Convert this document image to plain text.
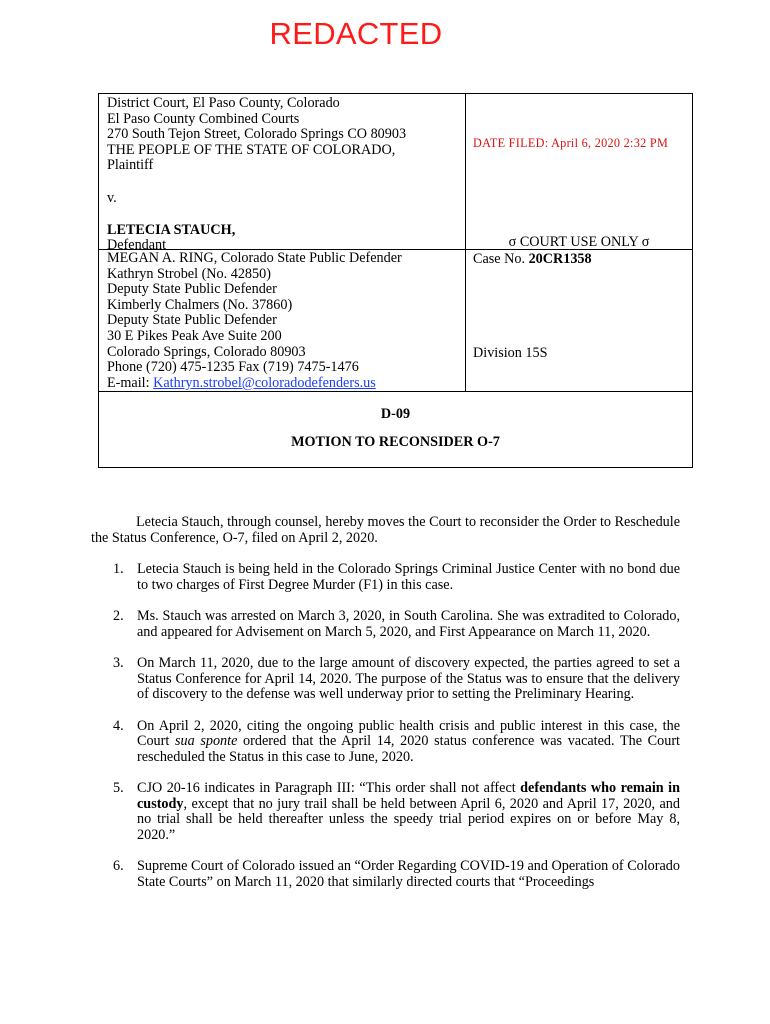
REDACTED
District Court, El Paso County, Colorado
El Paso County Combined Courts
270 South Tejon Street, Colorado Springs CO 80903
THE PEOPLE OF THE STATE OF COLORADO,
Plaintiff
v.
LETECIA STAUCH,
Defendant
DATE FILED: April 6, 2020 2:32 PM
σ COURT USE ONLY σ
MEGAN A. RING, Colorado State Public Defender
Kathryn Strobel (No. 42850)
Deputy State Public Defender
Kimberly Chalmers (No. 37860)
Deputy State Public Defender
30 E Pikes Peak Ave Suite 200
Colorado Springs, Colorado 80903
Phone (720) 475-1235 Fax (719) 7475-1476
E-mail: Kathryn.strobel@coloradodefenders.us
Case No. 20CR1358
Division 15S
D-09
MOTION TO RECONSIDER O-7

Letecia Stauch, through counsel, hereby moves the Court to reconsider the Order to Reschedule the Status Conference, O-7, filed on April 2, 2020.

1. Letecia Stauch is being held in the Colorado Springs Criminal Justice Center with no bond due to two charges of First Degree Murder (F1) in this case.
2. Ms. Stauch was arrested on March 3, 2020, in South Carolina. She was extradited to Colorado, and appeared for Advisement on March 5, 2020, and First Appearance on March 11, 2020.
3. On March 11, 2020, due to the large amount of discovery expected, the parties agreed to set a Status Conference for April 14, 2020. The purpose of the Status was to ensure that the delivery of discovery to the defense was well underway prior to setting the Preliminary Hearing.
4. On April 2, 2020, citing the ongoing public health crisis and public interest in this case, the Court sua sponte ordered that the April 14, 2020 status conference was vacated. The Court rescheduled the Status in this case to June, 2020.
5. CJO 20-16 indicates in Paragraph III: “This order shall not affect defendants who remain in custody, except that no jury trail shall be held between April 6, 2020 and April 17, 2020, and no trial shall be held thereafter unless the speedy trial period expires on or before May 8, 2020.”
6. Supreme Court of Colorado issued an “Order Regarding COVID-19 and Operation of Colorado State Courts” on March 11, 2020 that similarly directed courts that “Proceedings
